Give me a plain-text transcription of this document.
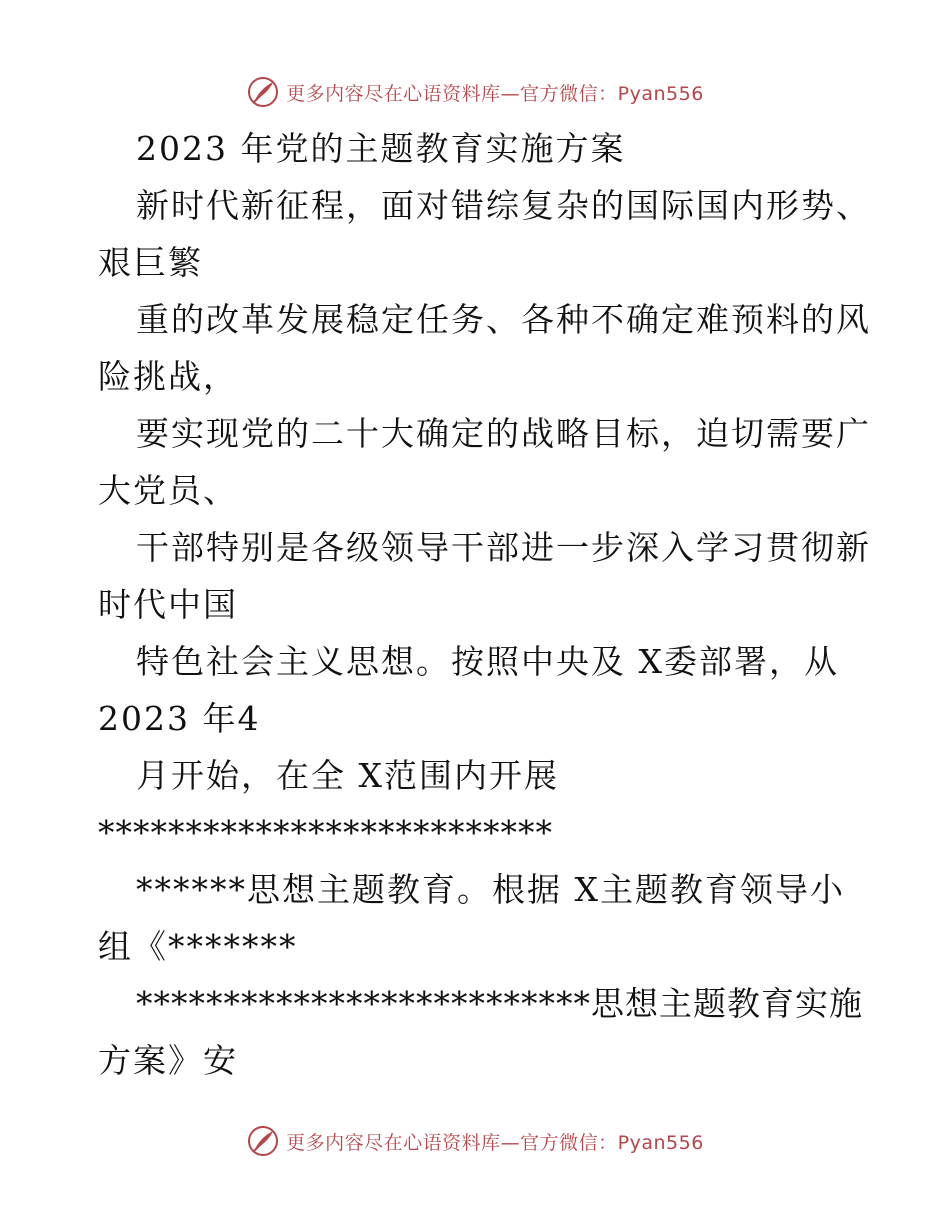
更多内容尽在心语资料库—官方微信：Pyan556
2023 年党的主题教育实施方案
新时代新征程，面对错综复杂的国际国内形势、
艰巨繁
重的改革发展稳定任务、各种不确定难预料的风
险挑战，
要实现党的二十大确定的战略目标，迫切需要广
大党员、
干部特别是各级领导干部进一步深入学习贯彻新
时代中国
特色社会主义思想。按照中央及 X委部署，从
2023 年4
月开始，在全 X范围内开展
**************************
******思想主题教育。根据 X主题教育领导小
组《*******
**************************思想主题教育实施
方案》安
更多内容尽在心语资料库—官方微信：Pyan556
